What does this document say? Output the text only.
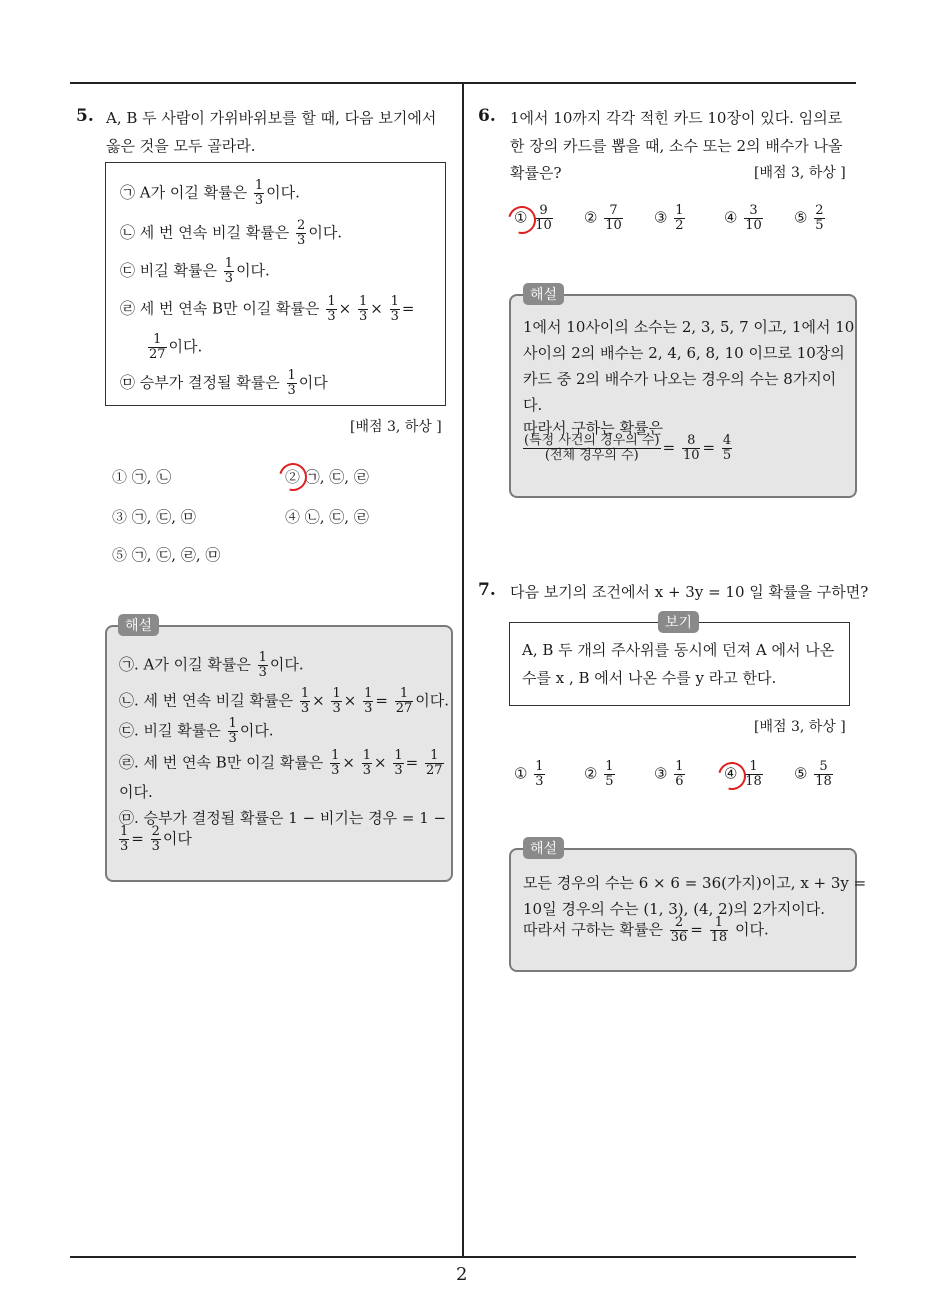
2
5. A, B 두 사람이 가위바위보를 할 때, 다음 보기에서
옳은 것을 모두 골라라.
㉠ A가 이길 확률은 $\frac{1}{3}$ 이다.
㉡ 세 번 연속 비길 확률은 $\frac{2}{3}$ 이다.
㉢ 비길 확률은 $\frac{1}{3}$ 이다.
㉣ 세 번 연속 B만 이길 확률은 $\frac{1}{3} \times \frac{1}{3} \times \frac{1}{3}$ =
$\frac{1}{27}$ 이다.
㉤ 승부가 결정될 확률은 $\frac{1}{3}$ 이다
[배점 3, 하상 ]
① ㉠, ㉡	② ㉠, ㉢, ㉣
③ ㉠, ㉢, ㉤	④ ㉡, ㉢, ㉣
⑤ ㉠, ㉢, ㉣, ㉤
㉠. A가 이길 확률은 $\frac{1}{3}$ 이다.
㉡. 세 번 연속 비길 확률은 $\frac{1}{3} \times \frac{1}{3} \times \frac{1}{3} = \frac{1}{27}$ 이다.
㉢. 비길 확률은 $\frac{1}{3}$ 이다.
㉣. 세 번 연속 B만 이길 확률은 $\frac{1}{3} \times \frac{1}{3} \times \frac{1}{3} = \frac{1}{27}$
이다.
㉤. 승부가 결정될 확률은 1 − 비기는 경우 = 1 −
$\frac{1}{3} = \frac{2}{3}$ 이다
해설
6. 1에서 10까지 각각 적힌 카드 10장이 있다. 임의로
한 장의 카드를 뽑을 때, 소수 또는 2의 배수가 나올
확률은?	[배점 3, 하상 ]
① $\frac{9}{10}$ ② $\frac{7}{10}$ ③ $\frac{1}{2}$	④ $\frac{3}{10}$ ⑤ $\frac{2}{5}$
1에서 10사이의 소수는 2, 3, 5, 7 이고, 1에서 10
사이의 2의 배수는 2, 4, 6, 8, 10 이므로 10장의
카드 중 2의 배수가 나오는 경우의 수는 8가지이
다.
따라서 구하는 확률은
$\frac{\text{(특정 사건의 경우의 수)}}{\text{(전체 경우의 수)}} = \frac{8}{10} = \frac{4}{5}$
해설
7. 다음 보기의 조건에서 x + 3y = 10 일 확률을 구하면?
A, B 두 개의 주사위를 동시에 던져 A 에서 나온
수를 x , B 에서 나온 수를 y 라고 한다.
보기
[배점 3, 하상 ]
① $\frac{1}{3}$	② $\frac{1}{5}$	③ $\frac{1}{6}$	④ $\frac{1}{18}$ ⑤ $\frac{5}{18}$
모든 경우의 수는 6 × 6 = 36(가지)이고, x + 3y =
10일 경우의 수는 (1, 3), (4, 2)의 2가지이다.
따라서 구하는 확률은 $\frac{2}{36} = \frac{1}{18}$ 이다.
해설
